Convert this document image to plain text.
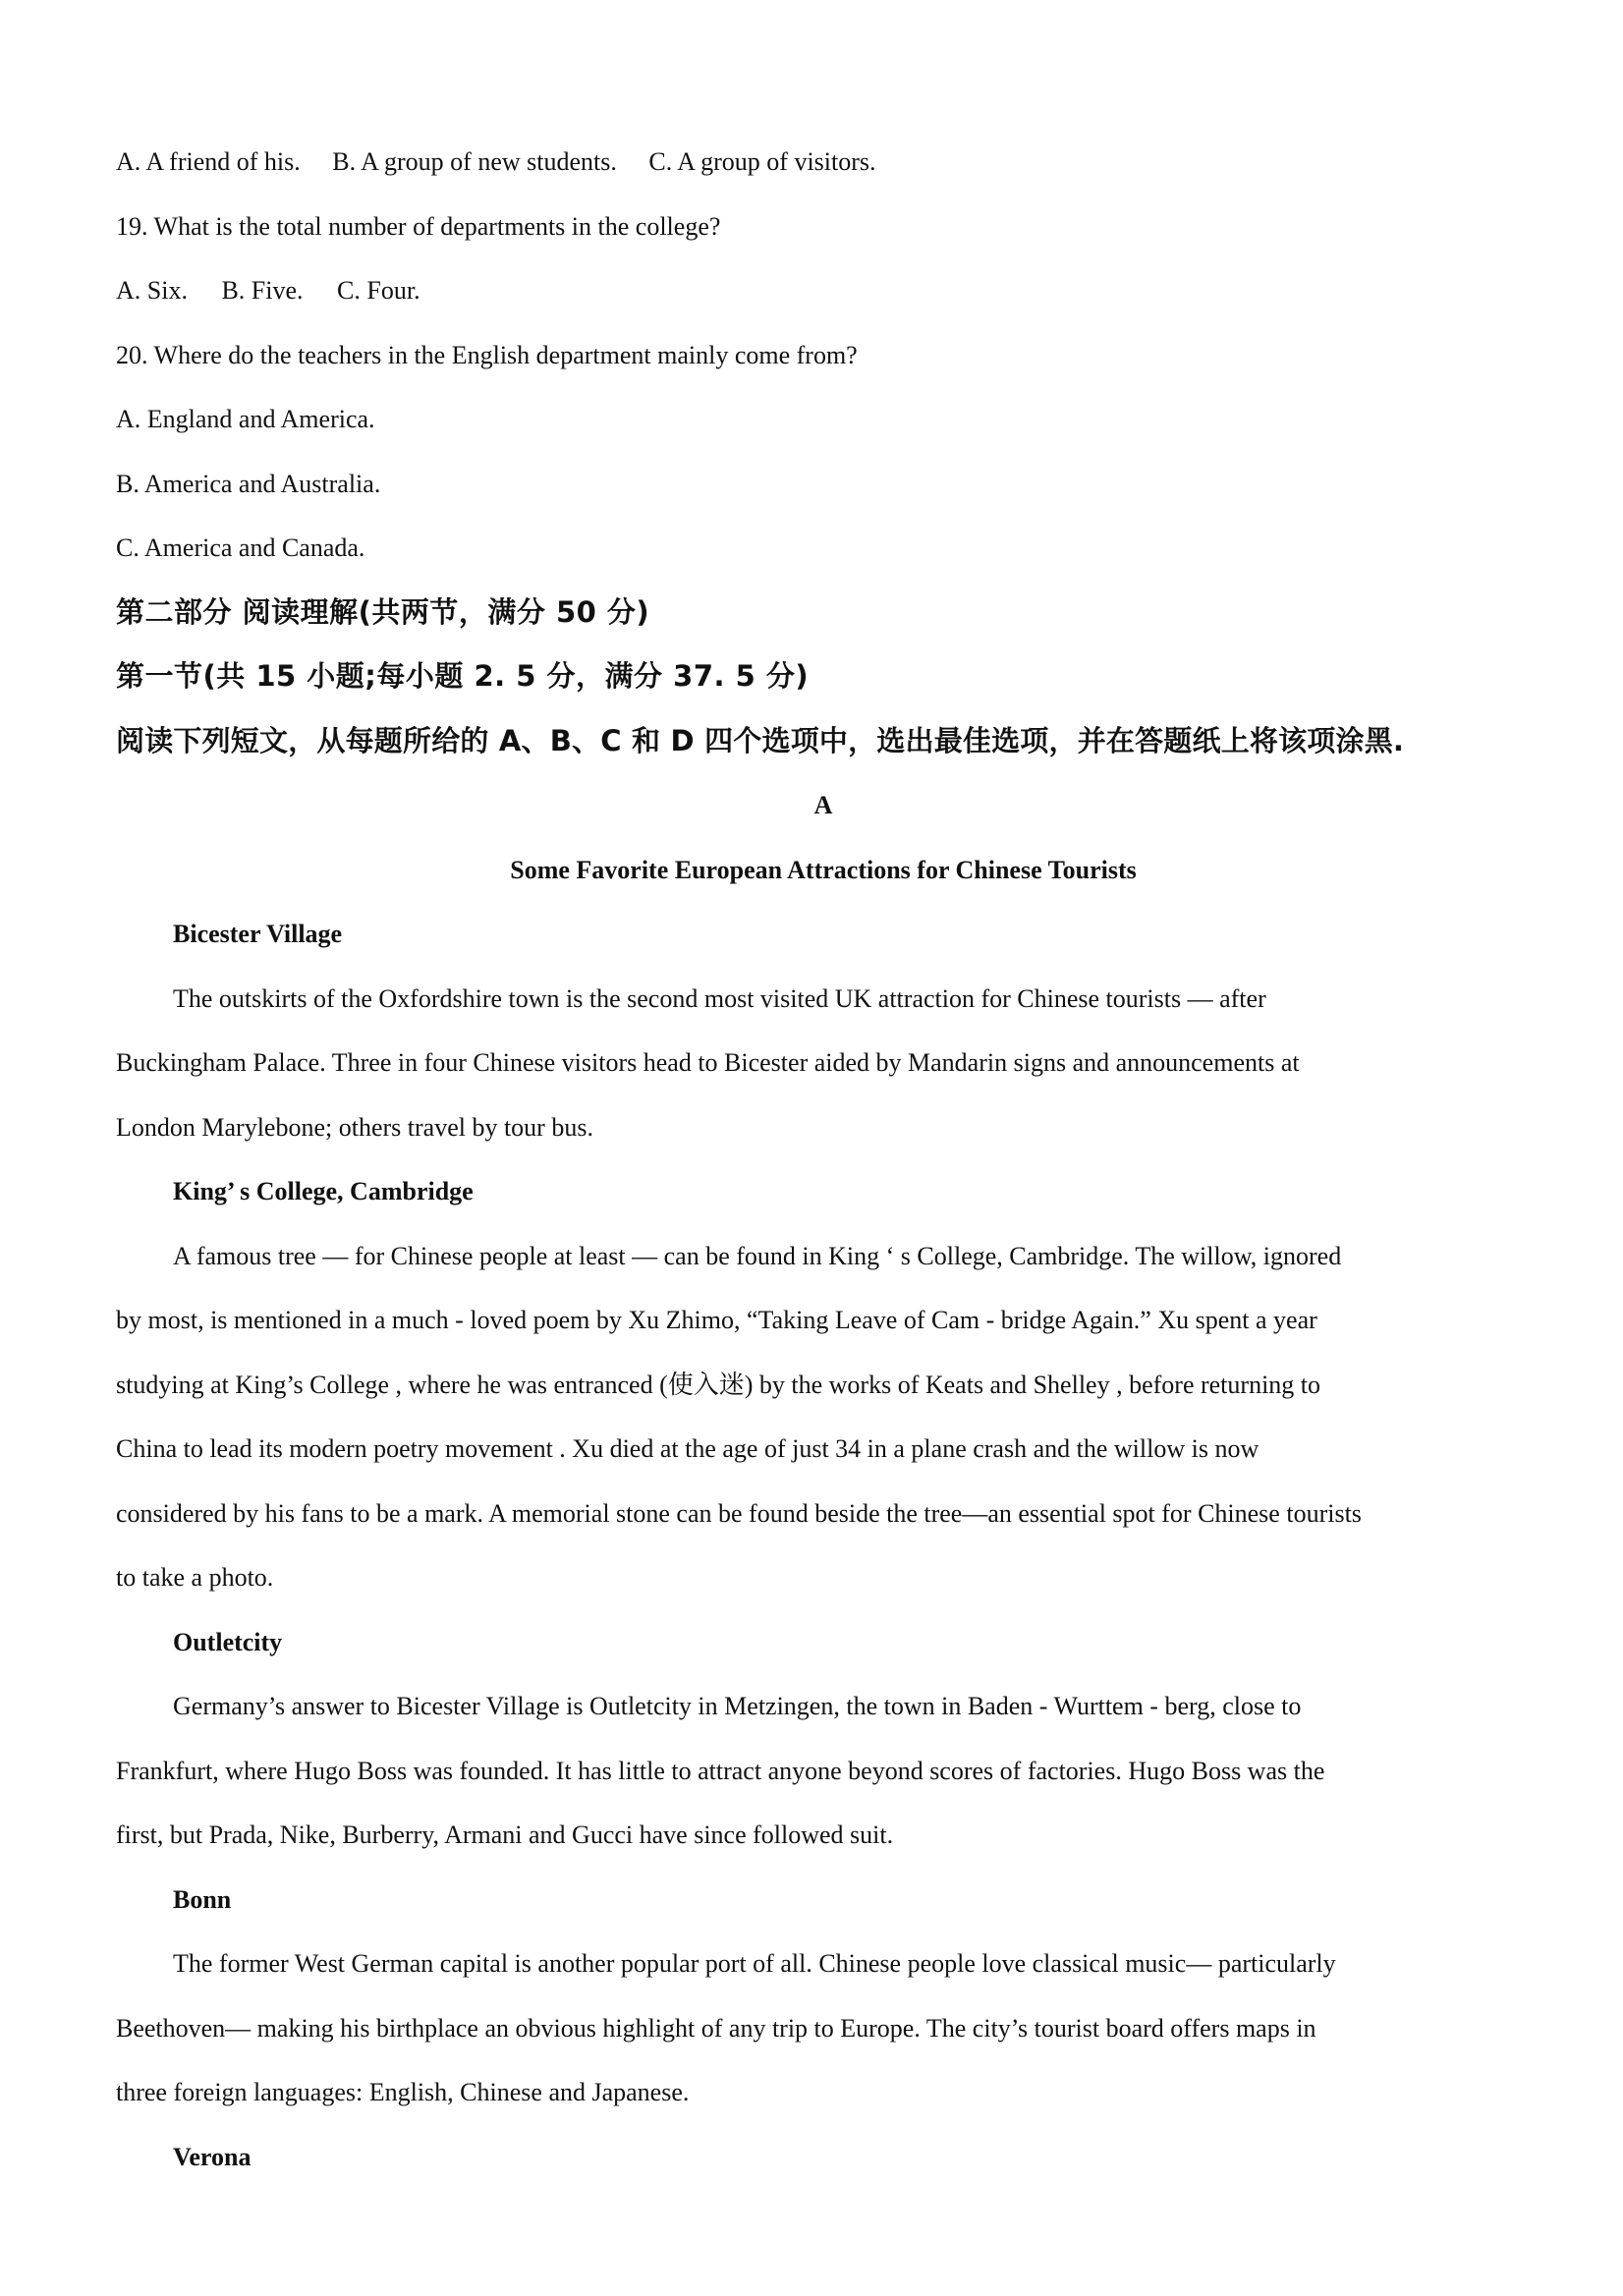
A. A friend of his. B. A group of new students. C. A group of visitors.
19. What is the total number of departments in the college?
A. Six. B. Five. C. Four.
20. Where do the teachers in the English department mainly come from?
A. England and America.
B. America and Australia.
C. America and Canada.
第二部分 阅读理解(共两节，满分 50 分)
第一节(共 15 小题;每小题 2. 5 分，满分 37. 5 分)
阅读下列短文，从每题所给的 A、B、C 和 D 四个选项中，选出最佳选项，并在答题纸上将该项涂黑.
A
Some Favorite European Attractions for Chinese Tourists
Bicester Village
The outskirts of the Oxfordshire town is the second most visited UK attraction for Chinese tourists — after
Buckingham Palace. Three in four Chinese visitors head to Bicester aided by Mandarin signs and announcements at
London Marylebone; others travel by tour bus.
King’ s College, Cambridge
A famous tree — for Chinese people at least — can be found in King ‘ s College, Cambridge. The willow, ignored
by most, is mentioned in a much - loved poem by Xu Zhimo, “Taking Leave of Cam - bridge Again.” Xu spent a year
studying at King’s College , where he was entranced (使入迷) by the works of Keats and Shelley , before returning to
China to lead its modern poetry movement . Xu died at the age of just 34 in a plane crash and the willow is now
considered by his fans to be a mark. A memorial stone can be found beside the tree—an essential spot for Chinese tourists
to take a photo.
Outletcity
Germany’s answer to Bicester Village is Outletcity in Metzingen, the town in Baden - Wurttem - berg, close to
Frankfurt, where Hugo Boss was founded. It has little to attract anyone beyond scores of factories. Hugo Boss was the
first, but Prada, Nike, Burberry, Armani and Gucci have since followed suit.
Bonn
The former West German capital is another popular port of all. Chinese people love classical music— particularly
Beethoven— making his birthplace an obvious highlight of any trip to Europe. The city’s tourist board offers maps in
three foreign languages: English, Chinese and Japanese.
Verona
